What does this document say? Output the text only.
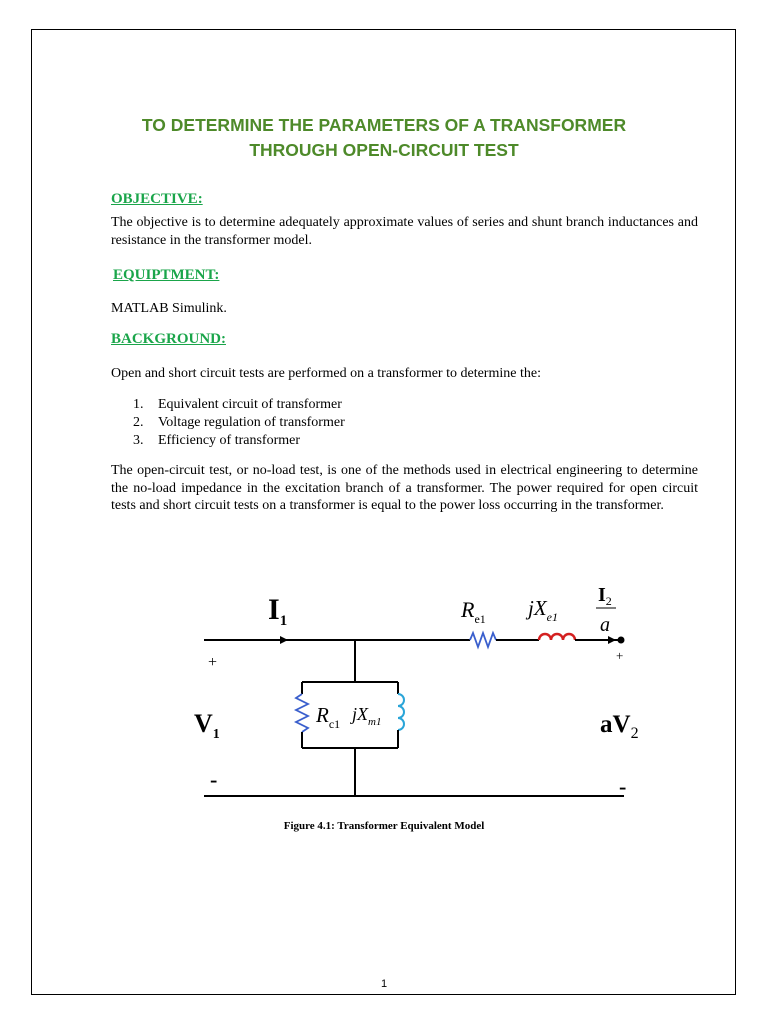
TO DETERMINE THE PARAMETERS OF A TRANSFORMER
THROUGH OPEN-CIRCUIT TEST
OBJECTIVE:

The objective is to determine adequately approximate values of series and shunt branch inductances and resistance in the transformer model.

EQUIPTMENT:

MATLAB Simulink.

BACKGROUND:

Open and short circuit tests are performed on a transformer to determine the:

1. Equivalent circuit of transformer
2. Voltage regulation of transformer
3. Efficiency of transformer

The open-circuit test, or no-load test, is one of the methods used in electrical engineering to determine the no-load impedance in the excitation branch of a transformer. The power required for open circuit tests and short circuit tests on a transformer is equal to the power loss occurring in the transformer.

$I_1$	$R_{e1}$ $jX_{e1}$
$I_2$
a
$R_{c1}$ $jX_{m1}$
$V_1$	$aV_2$
+	+
-	-
Figure 4.1: Transformer Equivalent Model
1
